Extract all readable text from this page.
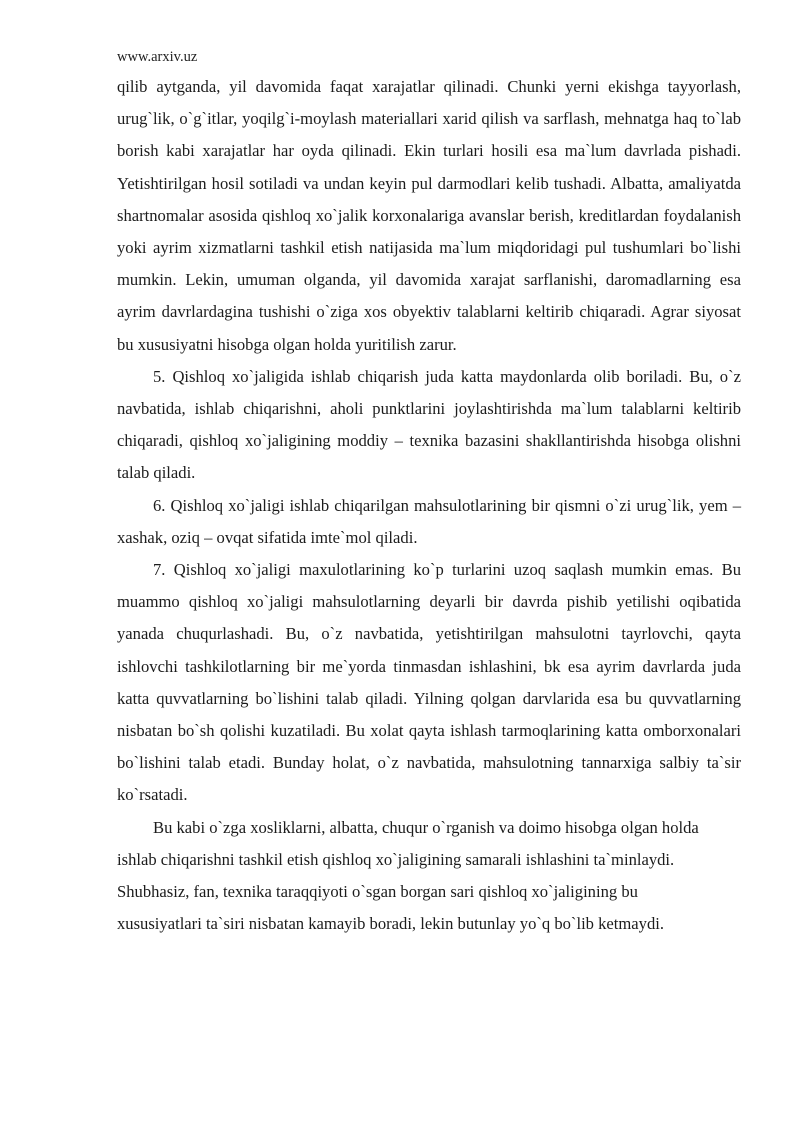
www.arxiv.uz

qilib aytganda, yil davomida faqat xarajatlar qilinadi. Chunki yerni ekishga tayyorlash, urug`lik, o`g`itlar, yoqilg`i-moylash materiallari xarid qilish va sarflash, mehnatga haq to`lab borish kabi xarajatlar har oyda qilinadi. Ekin turlari hosili esa ma`lum davrlada pishadi. Yetishtirilgan hosil sotiladi va undan keyin pul darmodlari kelib tushadi. Albatta, amaliyatda shartnomalar asosida qishloq xo`jalik korxonalariga avanslar berish, kreditlardan foydalanish yoki ayrim xizmatlarni tashkil etish natijasida ma`lum miqdoridagi pul tushumlari bo`lishi mumkin. Lekin, umuman olganda, yil davomida xarajat sarflanishi, daromadlarning esa ayrim davrlardagina tushishi o`ziga xos obyektiv talablarni keltirib chiqaradi. Agrar siyosat bu xususiyatni hisobga olgan holda yuritilish zarur.

5. Qishloq xo`jaligida ishlab chiqarish juda katta maydonlarda olib boriladi. Bu, o`z navbatida, ishlab chiqarishni, aholi punktlarini joylashtirishda ma`lum talablarni keltirib chiqaradi, qishloq xo`jaligining moddiy – texnika bazasini shakllantirishda hisobga olishni talab qiladi.

6. Qishloq xo`jaligi ishlab chiqarilgan mahsulotlarining bir qismni o`zi urug`lik, yem – xashak, oziq – ovqat sifatida imte`mol qiladi.

7. Qishloq xo`jaligi maxulotlarining ko`p turlarini uzoq saqlash mumkin emas. Bu muammo qishloq xo`jaligi mahsulotlarning deyarli bir davrda pishib yetilishi oqibatida yanada chuqurlashadi. Bu, o`z navbatida, yetishtirilgan mahsulotni tayrlovchi, qayta ishlovchi tashkilotlarning bir me`yorda tinmasdan ishlashini, bk esa ayrim davrlarda juda katta quvvatlarning bo`lishini talab qiladi. Yilning qolgan darvlarida esa bu quvvatlarning nisbatan bo`sh qolishi kuzatiladi. Bu xolat qayta ishlash tarmoqlarining katta omborxonalari bo`lishini talab etadi. Bunday holat, o`z navbatida, mahsulotning tannarxiga salbiy ta`sir ko`rsatadi.

Bu kabi o`zga xosliklarni, albatta, chuqur o`rganish va doimo hisobga olgan holda ishlab chiqarishni tashkil etish qishloq xo`jaligining samarali ishlashini ta`minlaydi. Shubhasiz, fan, texnika taraqqiyoti o`sgan borgan sari qishloq xo`jaligining bu xususiyatlari ta`siri nisbatan kamayib boradi, lekin butunlay yo`q bo`lib ketmaydi.
